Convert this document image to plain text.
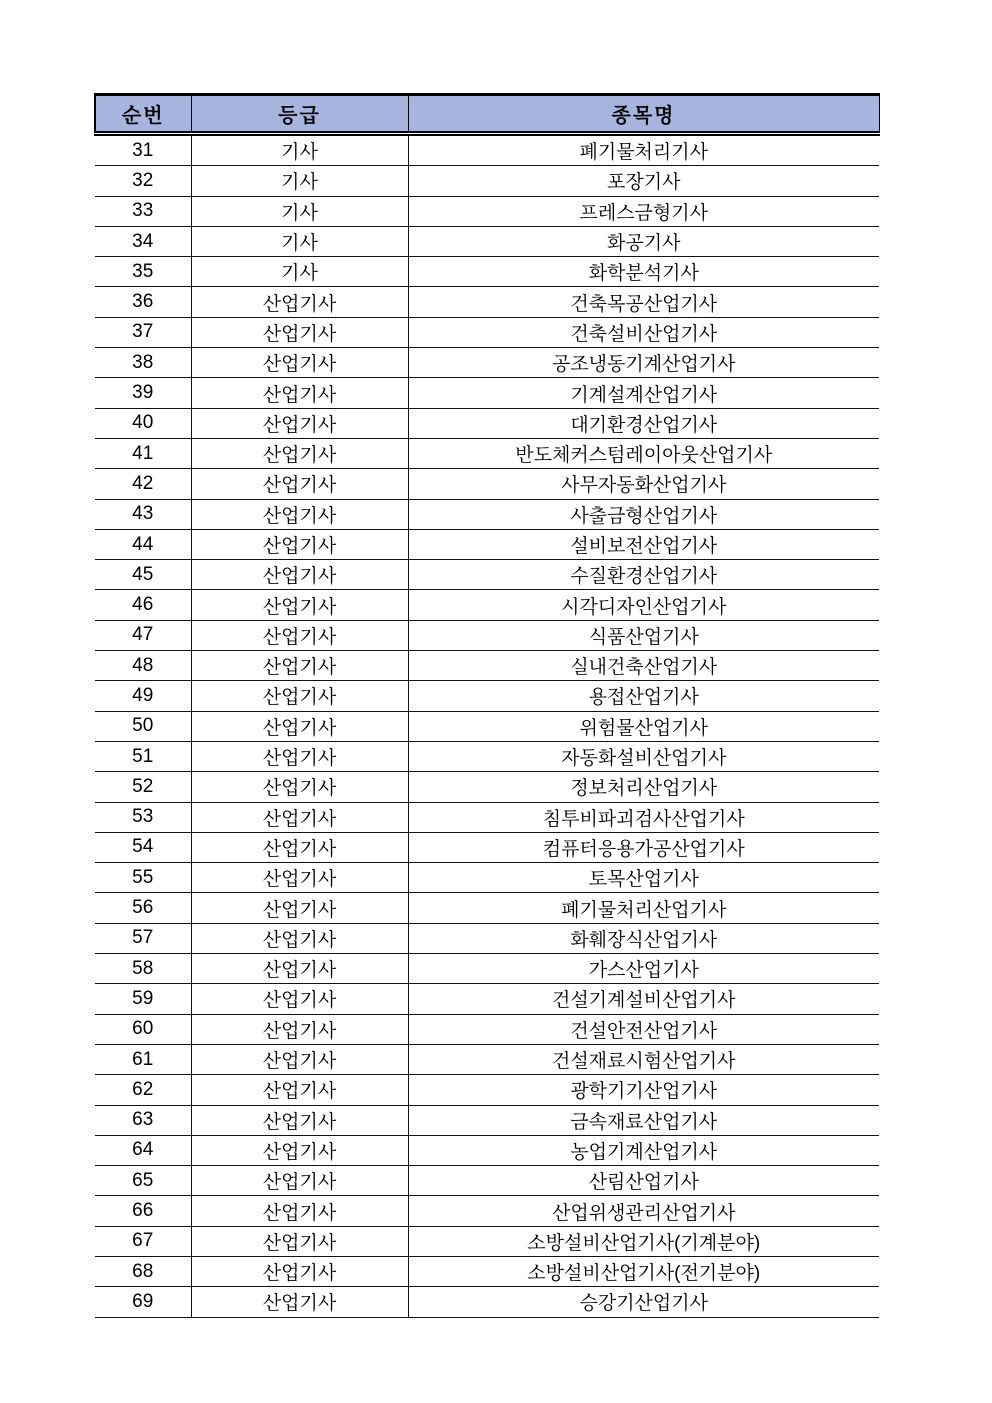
순번	등급	종목명
31	기사	폐기물처리기사
32	기사	포장기사
33	기사	프레스금형기사
34	기사	화공기사
35	기사	화학분석기사
36	산업기사	건축목공산업기사
37	산업기사	건축설비산업기사
38	산업기사	공조냉동기계산업기사
39	산업기사	기계설계산업기사
40	산업기사	대기환경산업기사
41	산업기사	반도체커스텀레이아웃산업기사
42	산업기사	사무자동화산업기사
43	산업기사	사출금형산업기사
44	산업기사	설비보전산업기사
45	산업기사	수질환경산업기사
46	산업기사	시각디자인산업기사
47	산업기사	식품산업기사
48	산업기사	실내건축산업기사
49	산업기사	용접산업기사
50	산업기사	위험물산업기사
51	산업기사	자동화설비산업기사
52	산업기사	정보처리산업기사
53	산업기사	침투비파괴검사산업기사
54	산업기사	컴퓨터응용가공산업기사
55	산업기사	토목산업기사
56	산업기사	폐기물처리산업기사
57	산업기사	화훼장식산업기사
58	산업기사	가스산업기사
59	산업기사	건설기계설비산업기사
60	산업기사	건설안전산업기사
61	산업기사	건설재료시험산업기사
62	산업기사	광학기기산업기사
63	산업기사	금속재료산업기사
64	산업기사	농업기계산업기사
65	산업기사	산림산업기사
66	산업기사	산업위생관리산업기사
67	산업기사	소방설비산업기사(기계분야)
68	산업기사	소방설비산업기사(전기분야)
69	산업기사	승강기산업기사
